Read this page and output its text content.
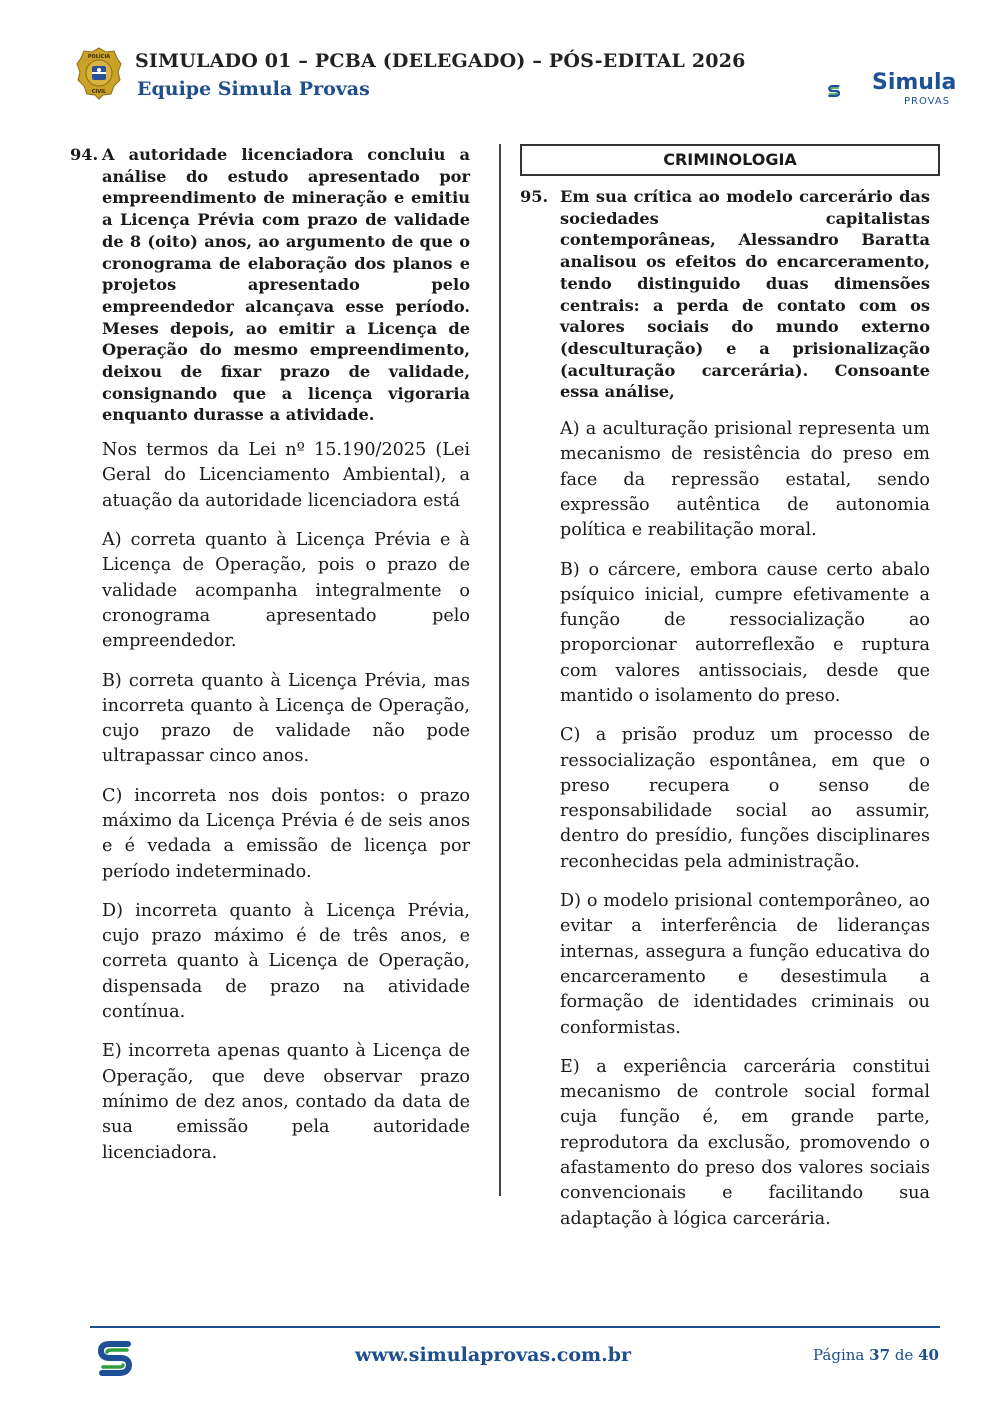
SIMULADO 01 – PCBA (DELEGADO) – PÓS-EDITAL 2026
Equipe Simula Provas	Simula
PROVAS
94. A autoridade licenciadora concluiu a análise do estudo apresentado por empreendimento de mineração e emitiu a Licença Prévia com prazo de validade de 8 (oito) anos, ao argumento de que o cronograma de elaboração dos planos e projetos apresentado pelo empreendedor alcançava esse período. Meses depois, ao emitir a Licença de Operação do mesmo empreendimento, deixou de fixar prazo de validade, consignando que a licença vigoraria enquanto durasse a atividade.

Nos termos da Lei nº 15.190/2025 (Lei Geral do Licenciamento Ambiental), a atuação da autoridade licenciadora está

A) correta quanto à Licença Prévia e à Licença de Operação, pois o prazo de validade acompanha integralmente o cronograma apresentado pelo empreendedor.

B) correta quanto à Licença Prévia, mas incorreta quanto à Licença de Operação, cujo prazo de validade não pode ultrapassar cinco anos.

C) incorreta nos dois pontos: o prazo máximo da Licença Prévia é de seis anos e é vedada a emissão de licença por período indeterminado.

D) incorreta quanto à Licença Prévia, cujo prazo máximo é de três anos, e correta quanto à Licença de Operação, dispensada de prazo na atividade contínua.

E) incorreta apenas quanto à Licença de Operação, que deve observar prazo mínimo de dez anos, contado da data de sua emissão pela autoridade licenciadora.

CRIMINOLOGIA
95. Em sua crítica ao modelo carcerário das sociedades capitalistas contemporâneas, Alessandro Baratta analisou os efeitos do encarceramento, tendo distinguido duas dimensões centrais: a perda de contato com os valores sociais do mundo externo (desculturação) e a prisionalização (aculturação carcerária). Consoante essa análise,

A) a aculturação prisional representa um mecanismo de resistência do preso em face da repressão estatal, sendo expressão autêntica de autonomia política e reabilitação moral.

B) o cárcere, embora cause certo abalo psíquico inicial, cumpre efetivamente a função de ressocialização ao proporcionar autorreflexão e ruptura com valores antissociais, desde que mantido o isolamento do preso.

C) a prisão produz um processo de ressocialização espontânea, em que o preso recupera o senso de responsabilidade social ao assumir, dentro do presídio, funções disciplinares reconhecidas pela administração.

D) o modelo prisional contemporâneo, ao evitar a interferência de lideranças internas, assegura a função educativa do encarceramento e desestimula a formação de identidades criminais ou conformistas.

E) a experiência carcerária constitui mecanismo de controle social formal cuja função é, em grande parte, reprodutora da exclusão, promovendo o afastamento do preso dos valores sociais convencionais e facilitando sua adaptação à lógica carcerária.

www.simulaprovas.com.br	Página 37 de 40
POLÍCIA
CIVIL
